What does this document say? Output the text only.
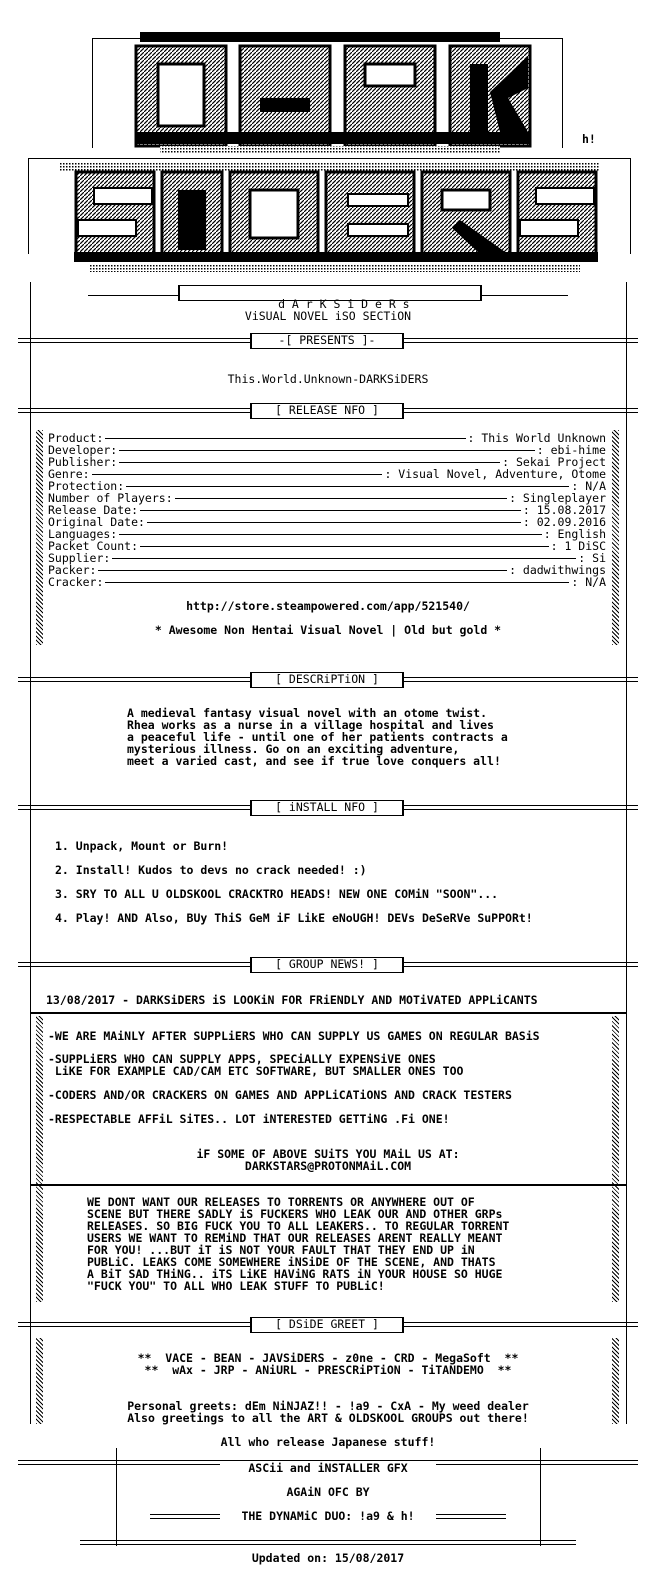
h!

d A r K S i D e R s

ViSUAL NOVEL iSO SECTiON
-[ PRESENTS ]-
This.World.Unknown-DARKSiDERS
[ RELEASE NFO ]
Product:	: This World Unknown
Developer:	: ebi-hime
Publisher:	: Sekai Project
Genre:	: Visual Novel, Adventure, Otome
Protection:	: N/A
Number of Players:	: Singleplayer
Release Date:	: 15.08.2017
Original Date:	: 02.09.2016
Languages:	: English
Packet Count:	: 1 DiSC
Supplier:	: Si
Packer:	: dadwithwings
Cracker:	: N/A
http://store.steampowered.com/app/521540/
* Awesome Non Hentai Visual Novel | Old but gold *
[ DESCRiPTiON ]
A medieval fantasy visual novel with an otome twist.
Rhea works as a nurse in a village hospital and lives
a peaceful life - until one of her patients contracts a
mysterious illness. Go on an exciting adventure,
meet a varied cast, and see if true love conquers all!
[ iNSTALL NFO ]
1. Unpack, Mount or Burn!
2. Install! Kudos to devs no crack needed! :)
3. SRY TO ALL U OLDSKOOL CRACKTRO HEADS! NEW ONE COMiN "SOON"...
4. Play! AND Also, BUy ThiS GeM iF LikE eNoUGH! DEVs DeSeRVe SuPPORt!
[ GROUP NEWS! ]
13/08/2017 - DARKSiDERS iS LOOKiN FOR FRiENDLY AND MOTiVATED APPLiCANTS
-WE ARE MAiNLY AFTER SUPPLiERS WHO CAN SUPPLY US GAMES ON REGULAR BASiS
-SUPPLiERS WHO CAN SUPPLY APPS, SPECiALLY EXPENSiVE ONES
LiKE FOR EXAMPLE CAD/CAM ETC SOFTWARE, BUT SMALLER ONES TOO
-CODERS AND/OR CRACKERS ON GAMES AND APPLiCATiONS AND CRACK TESTERS
-RESPECTABLE AFFiL SiTES.. LOT iNTERESTED GETTiNG .Fi ONE!
iF SOME OF ABOVE SUiTS YOU MAiL US AT:
DARKSTARS@PROTONMAiL.COM
WE DONT WANT OUR RELEASES TO TORRENTS OR ANYWHERE OUT OF
SCENE BUT THERE SADLY iS FUCKERS WHO LEAK OUR AND OTHER GRPs
RELEASES. SO BIG FUCK YOU TO ALL LEAKERS.. TO REGULAR TORRENT
USERS WE WANT TO REMiND THAT OUR RELEASES ARENT REALLY MEANT
FOR YOU! ...BUT iT iS NOT YOUR FAULT THAT THEY END UP iN
PUBLiC. LEAKS COME SOMEWHERE iNSiDE OF THE SCENE, AND THATS
A BiT SAD THiNG.. iTS LiKE HAViNG RATS iN YOUR HOUSE SO HUGE
"FUCK YOU" TO ALL WHO LEAK STUFF TO PUBLiC!
[ DSiDE GREET ]
**  VACE - BEAN - JAVSiDERS - z0ne - CRD - MegaSoft  **
**  wAx - JRP - ANiURL - PRESCRiPTiON - TiTANDEMO  **
Personal greets: dEm NiNJAZ!! - !a9 - CxA - My weed dealer
Also greetings to all the ART & OLDSKOOL GROUPS out there!
All who release Japanese stuff!
ASCii and iNSTALLER GFX
AGAiN OFC BY
THE DYNAMiC DUO: !a9 & h!
Updated on: 15/08/2017
